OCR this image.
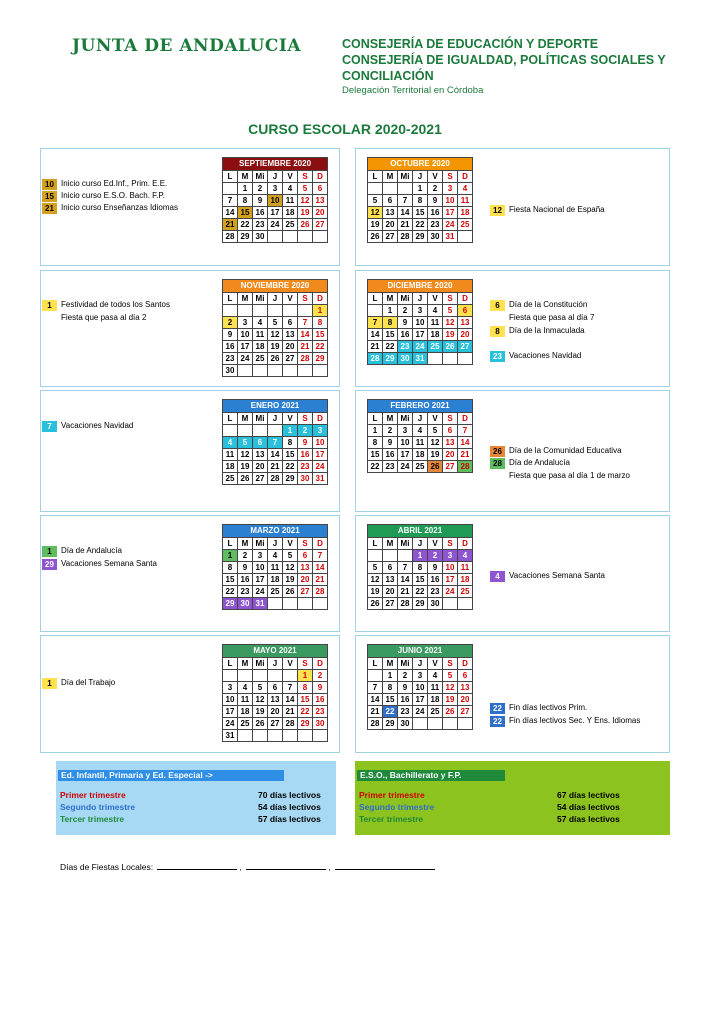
JUNTA DE ANDALUCIA	CONSEJERÍA DE EDUCACIÓN Y DEPORTE
CONSEJERÍA DE IGUALDAD, POLÍTICAS SOCIALES Y
CONCILIACIÓN
Delegación Territorial en Córdoba
CURSO ESCOLAR 2020-2021
SEPTIEMBRE 2020						
L	M	Mi	J	V	S	D
	1	2	3	4	5	6
7	8	9	10	11	12	13
14	15	16	17	18	19	20
21	22	23	24	25	26	27
28	29	30				
OCTUBRE 2020						
L	M	Mi	J	V	S	D
			1	2	3	4
5	6	7	8	9	10	11
12	13	14	15	16	17	18
19	20	21	22	23	24	25
26	27	28	29	30	31	
NOVIEMBRE 2020						
L	M	Mi	J	V	S	D
						1
2	3	4	5	6	7	8
9	10	11	12	13	14	15
16	17	18	19	20	21	22
23	24	25	26	27	28	29
30						
DICIEMBRE 2020						
L	M	Mi	J	V	S	D
	1	2	3	4	5	6
7	8	9	10	11	12	13
14	15	16	17	18	19	20
21	22	23	24	25	26	27
28	29	30	31			
ENERO 2021						
L	M	Mi	J	V	S	D
				1	2	3
4	5	6	7	8	9	10
11	12	13	14	15	16	17
18	19	20	21	22	23	24
25	26	27	28	29	30	31
FEBRERO 2021						
L	M	Mi	J	V	S	D
1	2	3	4	5	6	7
8	9	10	11	12	13	14
15	16	17	18	19	20	21
22	23	24	25	26	27	28
MARZO 2021						
L	M	Mi	J	V	S	D
1	2	3	4	5	6	7
8	9	10	11	12	13	14
15	16	17	18	19	20	21
22	23	24	25	26	27	28
29	30	31				
ABRIL 2021						
L	M	Mi	J	V	S	D
			1	2	3	4
5	6	7	8	9	10	11
12	13	14	15	16	17	18
19	20	21	22	23	24	25
26	27	28	29	30		
MAYO 2021						
L	M	Mi	J	V	S	D
					1	2
3	4	5	6	7	8	9
10	11	12	13	14	15	16
17	18	19	20	21	22	23
24	25	26	27	28	29	30
31						
JUNIO 2021						
L	M	Mi	J	V	S	D
	1	2	3	4	5	6
7	8	9	10	11	12	13
14	15	16	17	18	19	20
21	22	23	24	25	26	27
28	29	30				
10 Inicio curso Ed.Inf., Prim. E.E.
15 Inicio curso E.S.O. Bach. F.P.
21 Inicio curso Enseñanzas Idiomas	12 Fiesta Nacional de España
1 Festividad de todos los Santos
Fiesta que pasa al día 2
6 Día de la Constitución
Fiesta que pasa al día 7
8 Día de la Inmaculada
23 Vacaciones Navidad
7 Vacaciones Navidad
26 Día de la Comunidad Educativa
28 Día de Andalucía
Fiesta que pasa al día 1 de marzo
1 Día de Andalucía
29 Vacaciones Semana Santa
4 Vacaciones Semana Santa
1 Día del Trabajo
22 Fin días lectivos Prim.
22 Fin días lectivos Sec. Y Ens. Idiomas
Ed. Infantil, Primaria y Ed. Especial ->
Primer trimestre	70 días lectivos
Segundo trimestre	54 días lectivos
Tercer trimestre	57 días lectivos
E.S.O., Bachillerato y F.P.
Primer trimestre	67 días lectivos
Segundo trimestre	54 días lectivos
Tercer trimestre	57 días lectivos
Días de Fiestas Locales:	,	,
